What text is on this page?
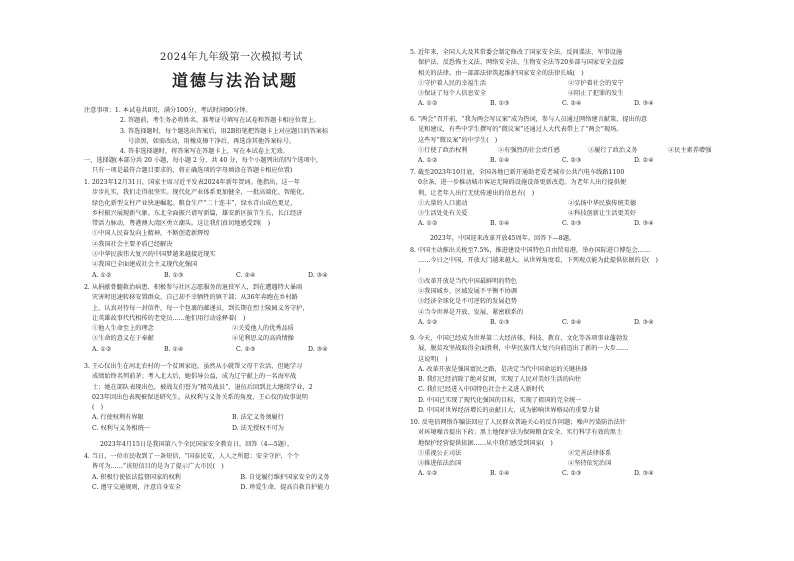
2024年九年级第一次模拟考试
道德与法治试题
注意事项：1. 本试卷共8页，满分100分，考试时间90分钟。
2. 答题前，考生务必将姓名、准考证号填写在试卷和答题卡相应位置上。
3. 答选择题时，每个题选出答案后，用2B铅笔把答题卡上对应题目的答案标
号涂黑，如需改动，用橡皮擦干净后，再选涂其他答案标号。
4. 答非选择题时，将答案写在答题卡上，写在本试卷上无效。
一、选择题(本部分共 20 小题，每小题 2 分，共 40 分，每个小题列出的四个选项中，
只有一项是最符合题目要求的，将正确选项的字母填涂在答题卡相应位置)
1. 2023年12月31日，国家主席习近平发表2024年新年贺词。他指出，这一年
步步扎实，我们走得很坚实。现代化产业体系更加健全，一批高端化、智能化、
绿色化新型支柱产业快速崛起。粮食生产“二十连丰”，绿水青山成色更足，
乡村振兴展现新气象。东北全面振兴谱写新篇，雄安新区拔节生长，长江经济
带活力脉动，粤港澳大湾区勇立潮头。这让我们真切地感受到(　)
①中国人民奋发向上精神，不断创造新辉煌
②我国社会主要矛盾已经解决
③中华民族伟大复兴的中国梦越来越接近现实
④我国已全面建成社会主义现代化强国
A. ①②	B. ①③	C. ②④	D. ③④
2. 从捐献骨髓救治病患、积极参与社区志愿服务的退役军人，到在遭遇特大暴雨
灾害时迅速转移安置群众、自己却不幸牺牲的镇干部；从36年奔跑在乡村路
上、认真对待每一封信件，每一个包裹的邮递员，到长期在烈士陵园义务守护，
让英雄故事代代相传的老党员……他们用行动诠释着(　)
①他人生命至上的理念	②关爱他人的优秀品质
③生命的意义在于奉献	④见利思义的高尚情操
A. ①②	B. ①④	C. ②③	D. ③④
3. 王心仪出生在河北农村的一个贫困家庭，虽然从小就帮父母干农活，但她学习
成绩始终名列前茅；考入北大后，她倡导公益，成为辽宁献上的一名海军战
士；她在部队表现出色，被战友们誉为“精英战员”，退伍后回到北大继续学业，2
023年因出色表现被保送研究生。从权利与义务关系的角度，王心仪的故事说明
(　)
A. 行使权利有界限	B. 法定义务须履行
C. 权利与义务相统一	D. 法无授权不可为
2023年4月15日是我国第八个全民国家安全教育日。回答（4—5题）。
4. 当日，一位市民收到了一条短信，“国泰民安，人人之所愿；安全守护，个个
皆可为……”该短信目的是为了提示广大市民(　)
A. 积极行使依法监督国家的权利	B. 自觉履行维护国家安全的义务
C. 遵守交通规则，注意自身安全	D. 珍爱生命，提高自救自护能力
5. 近年来，全国人大及其常委会制定修改了国家安全法、反间谍法、军事设施
保护法、反恐怖主义法、网络安全法、生物安全法等20多部与国家安全直接
相关的法律。由一部部法律筑起维护国家安全的法律长城(　)
①守护着人民的幸福生活	②守护着社会的安宁
③保证了每个人信息安全	④阻止了犯罪的发生
A. ①②	B. ①③	C. ②④	D. ③④
6. “两会”召开前，“我为两会写议案”成为热词，参与人员通过网络建言献策，提出的意
见和建议，有些中学生撰写的“微议案”还通过人大代表带上了“两会”现场。
这些写“微议案”的中学生(　)
①行使了政治权利	②有强烈的社会责任感	③履行了政治义务	④民主素养增强
A. ①②	B. ①④	C. ②③	D. ②④
7. 截至2023年10月底，全国各地已新开通助老爱老城市公共汽电车线路1100
0余条，进一步推动城市客运无障碍设施设备更新改造。为老年人出行提供便
利，让老年人出行无忧传递出的信息有(　)
①大量的人口流动	②弘扬中华民族传统美德
③生活处处有关爱	④科技创新让生活更美好
A. ①②	B. ①④	C. ②③	D. ③④
2023年，中国迎来改革开放45周年。回答下—8题。
8. 中国主动推出关税至7.5%，推进建设中国特色自由贸易港，举办国际进口博览会……
……今日之中国，开放大门越来越大。从世界角度看，下列观点能为此提供依据的是(　)
）
①改革开放是当代中国最鲜明的特色
②我国城乡、区域发展不平衡不协调
③经济全球化是不可逆转的发展趋势
④当今世界是开放、发展、紧密联系的
A. ①②	B. ①③	C. ②④	D. ③④
9. 今天，中国已经成为世界第二大经济体、科技、教育、文化等各项事业蓬勃发
展，脱贫攻坚战取得全面胜利，中华民族伟大复兴向前迈出了新的一大步……
这说明(　)
A. 改革开放是强国富民之路，是决定当代中国命运的关键抉择
B. 我们已经消除了绝对贫困，实现了人民对美好生活的向往
C. 我们已经进入中国特色社会主义进入新时代
D. 中国已实现了现代化强国的目标，实现了祖国的完全统一
D. 中国对世界经济增长的贡献日大，成为影响世界格局的重要力量
10. 反电信网络诈骗法回应了人民群众普遍关心的反诈问题；噪声污染防治法针
对环境噪音提出下药；黑土地保护法为保障粮食安全、实行科学有效的黑土
地保护经营提供依据……从中我们感受到国家(　)
①重视公正司法	②完善法律体系
③推进依法治国	④坚持依宪治国
A. ①②	B. ①④	C. ②③	D. ③④
